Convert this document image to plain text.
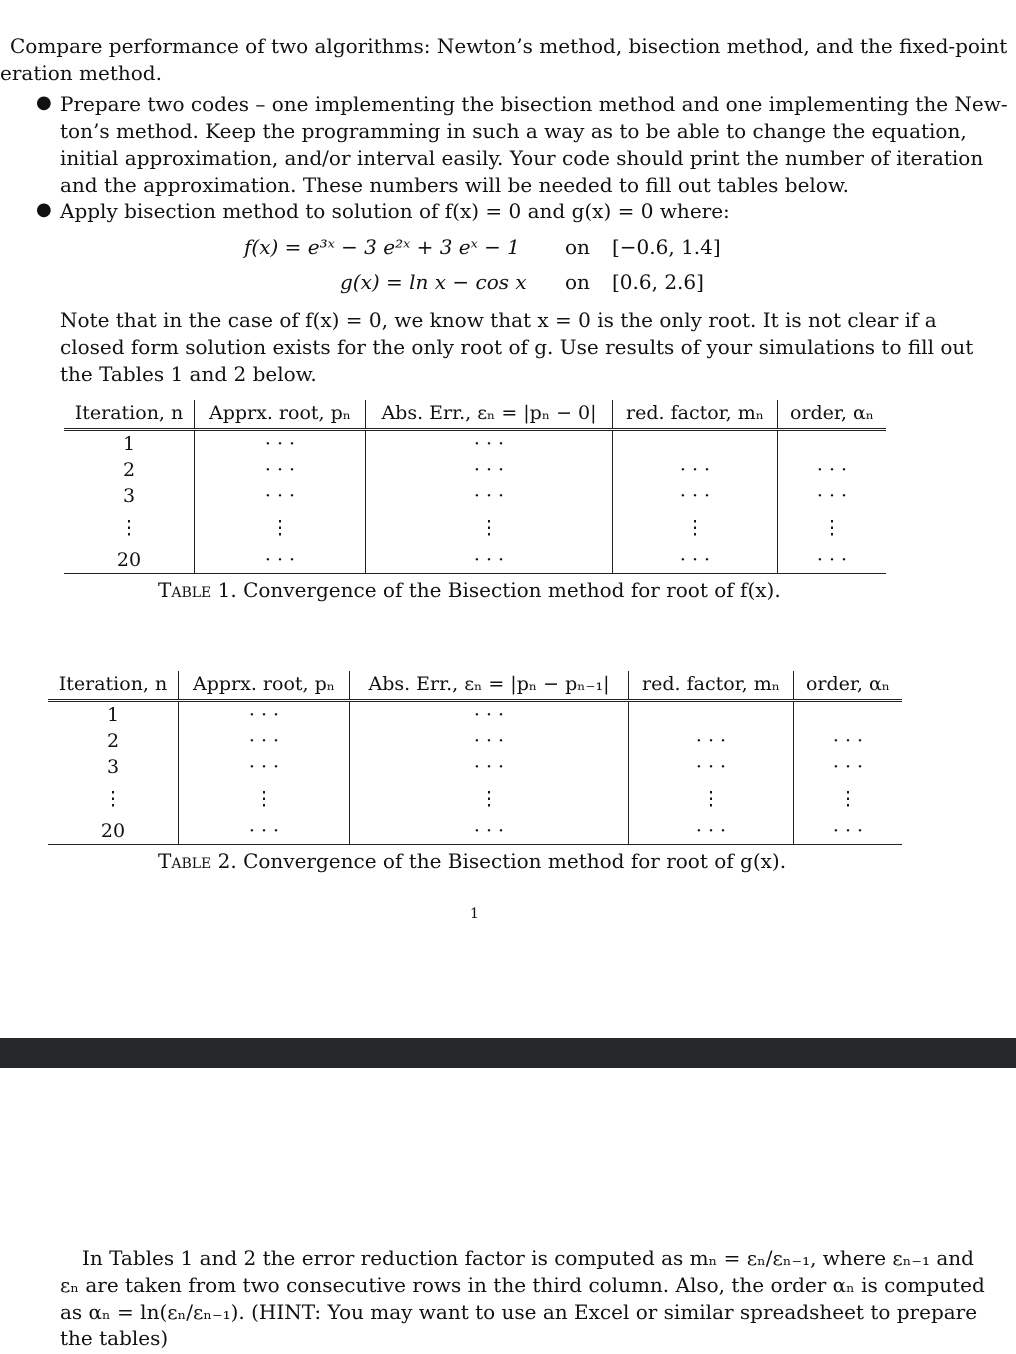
Compare performance of two algorithms: Newton’s method, bisection method, and the fixed-point
eration method.
● Prepare two codes – one implementing the bisection method and one implementing the New-
ton’s method. Keep the programming in such a way as to be able to change the equation,
initial approximation, and/or interval easily. Your code should print the number of iteration
and the approximation. These numbers will be needed to fill out tables below.
● Apply bisection method to solution of f(x) = 0 and g(x) = 0 where:
f(x) = e³ˣ − 3 e²ˣ + 3 eˣ − 1 on [−0.6, 1.4]
g(x) = ln x − cos x on [0.6, 2.6]
Note that in the case of f(x) = 0, we know that x = 0 is the only root. It is not clear if a
closed form solution exists for the only root of g. Use results of your simulations to fill out
the Tables 1 and 2 below.
Iteration, n	Apprx. root, pₙ	Abs. Err., εₙ = |pₙ − 0|	red. factor, mₙ	order, αₙ
1	· · ·	· · ·		
2	· · ·	· · ·	· · ·	· · ·
3	· · ·	· · ·	· · ·	· · ·
⋮	⋮	⋮	⋮	⋮
20	· · ·	· · ·	· · ·	· · ·
Table 1. Convergence of the Bisection method for root of f(x).
Iteration, n	Apprx. root, pₙ	Abs. Err., εₙ = |pₙ − pₙ₋₁|	red. factor, mₙ	order, αₙ
1	· · ·	· · ·		
2	· · ·	· · ·	· · ·	· · ·
3	· · ·	· · ·	· · ·	· · ·
⋮	⋮	⋮	⋮	⋮
20	· · ·	· · ·	· · ·	· · ·
Table 2. Convergence of the Bisection method for root of g(x).
1
In Tables 1 and 2 the error reduction factor is computed as mₙ = εₙ/εₙ₋₁, where εₙ₋₁ and
εₙ are taken from two consecutive rows in the third column. Also, the order αₙ is computed
as αₙ = ln(εₙ/εₙ₋₁). (HINT: You may want to use an Excel or similar spreadsheet to prepare
the tables)
